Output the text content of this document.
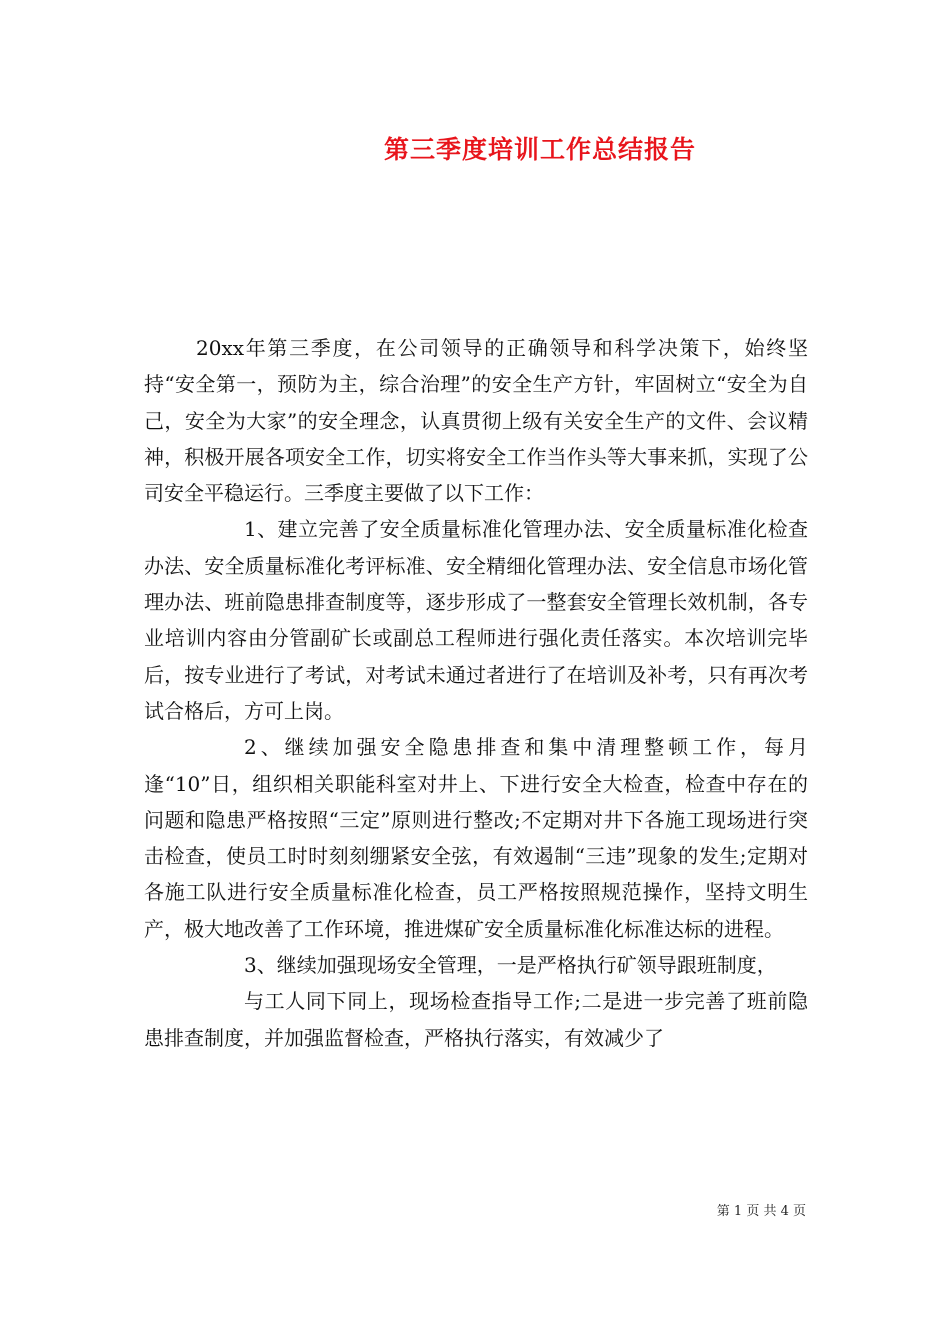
第三季度培训工作总结报告

20xx年第三季度，在公司领导的正确领导和科学决策下，始终坚持“安全第一，预防为主，综合治理”的安全生产方针，牢固树立“安全为自己，安全为大家”的安全理念，认真贯彻上级有关安全生产的文件、会议精神，积极开展各项安全工作，切实将安全工作当作头等大事来抓，实现了公司安全平稳运行。三季度主要做了以下工作：

1、建立完善了安全质量标准化管理办法、安全质量标准化检查办法、安全质量标准化考评标准、安全精细化管理办法、安全信息市场化管理办法、班前隐患排查制度等，逐步形成了一整套安全管理长效机制，各专业培训内容由分管副矿长或副总工程师进行强化责任落实。本次培训完毕后，按专业进行了考试，对考试未通过者进行了在培训及补考，只有再次考试合格后，方可上岗。

2、继续加强安全隐患排查和集中清理整顿工作，每月逢“10”日，组织相关职能科室对井上、下进行安全大检查，检查中存在的问题和隐患严格按照“三定”原则进行整改;不定期对井下各施工现场进行突击检查，使员工时时刻刻绷紧安全弦，有效遏制“三违”现象的发生;定期对各施工队进行安全质量标准化检查，员工严格按照规范操作，坚持文明生产，极大地改善了工作环境，推进煤矿安全质量标准化标准达标的进程。

3、继续加强现场安全管理，一是严格执行矿领导跟班制度，

与工人同下同上，现场检查指导工作;二是进一步完善了班前隐患排查制度，并加强监督检查，严格执行落实，有效减少了

第 1 页 共 4 页
